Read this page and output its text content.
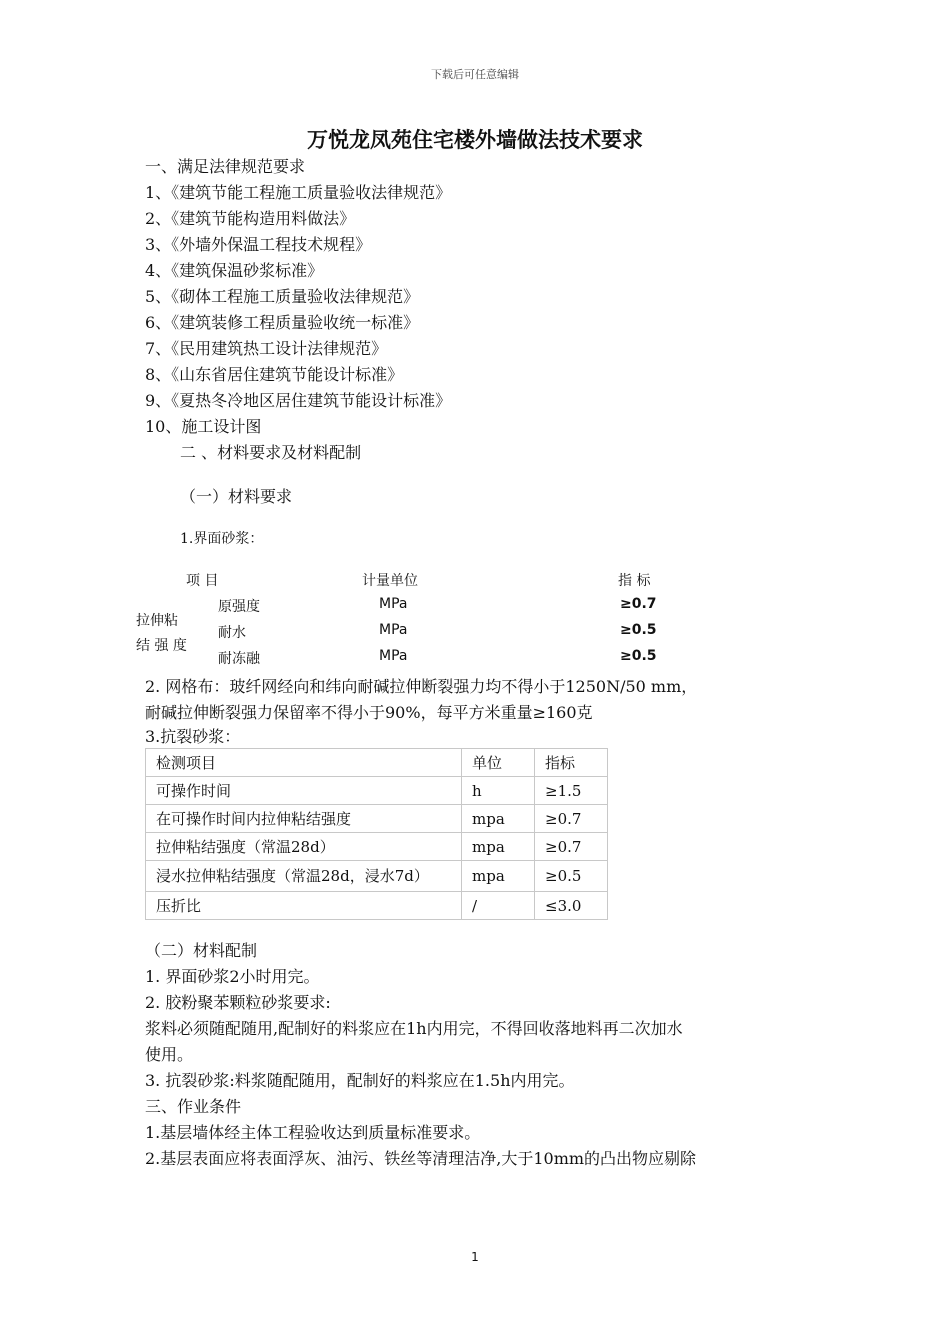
下载后可任意编辑
万悦龙凤苑住宅楼外墙做法技术要求
一、满足法律规范要求
1、《建筑节能工程施工质量验收法律规范》
2、《建筑节能构造用料做法》
3、《外墙外保温工程技术规程》
4、《建筑保温砂浆标准》
5、《砌体工程施工质量验收法律规范》
6、《建筑装修工程质量验收统一标准》
7、《民用建筑热工设计法律规范》
8、《山东省居住建筑节能设计标准》
9、《夏热冬冷地区居住建筑节能设计标准》
10、施工设计图
二 、材料要求及材料配制
（一）材料要求
1.界面砂浆：
项 目	计量单位	指 标
拉伸粘
结 强 度
原强度	MPa	≥0.7
耐水	MPa	≥0.5
耐冻融	MPa	≥0.5
2. 网格布：玻纤网经向和纬向耐碱拉伸断裂强力均不得小于1250N/50 mm，
耐碱拉伸断裂强力保留率不得小于90%，每平方米重量≥160克
3.抗裂砂浆：
检测项目	单位	指标
可操作时间	h	≥1.5
在可操作时间内拉伸粘结强度	mpa	≥0.7
拉伸粘结强度（常温28d）	mpa	≥0.7
浸水拉伸粘结强度（常温28d，浸水7d）	mpa	≥0.5
压折比	/	≤3.0
（二）材料配制
1. 界面砂浆2小时用完。
2. 胶粉聚苯颗粒砂浆要求:
浆料必须随配随用,配制好的料浆应在1h内用完，不得回收落地料再二次加水
使用。
3. 抗裂砂浆:料浆随配随用，配制好的料浆应在1.5h内用完。
三、作业条件
1.基层墙体经主体工程验收达到质量标准要求。
2.基层表面应将表面浮灰、油污、铁丝等清理洁净,大于10mm的凸出物应剔除
1
